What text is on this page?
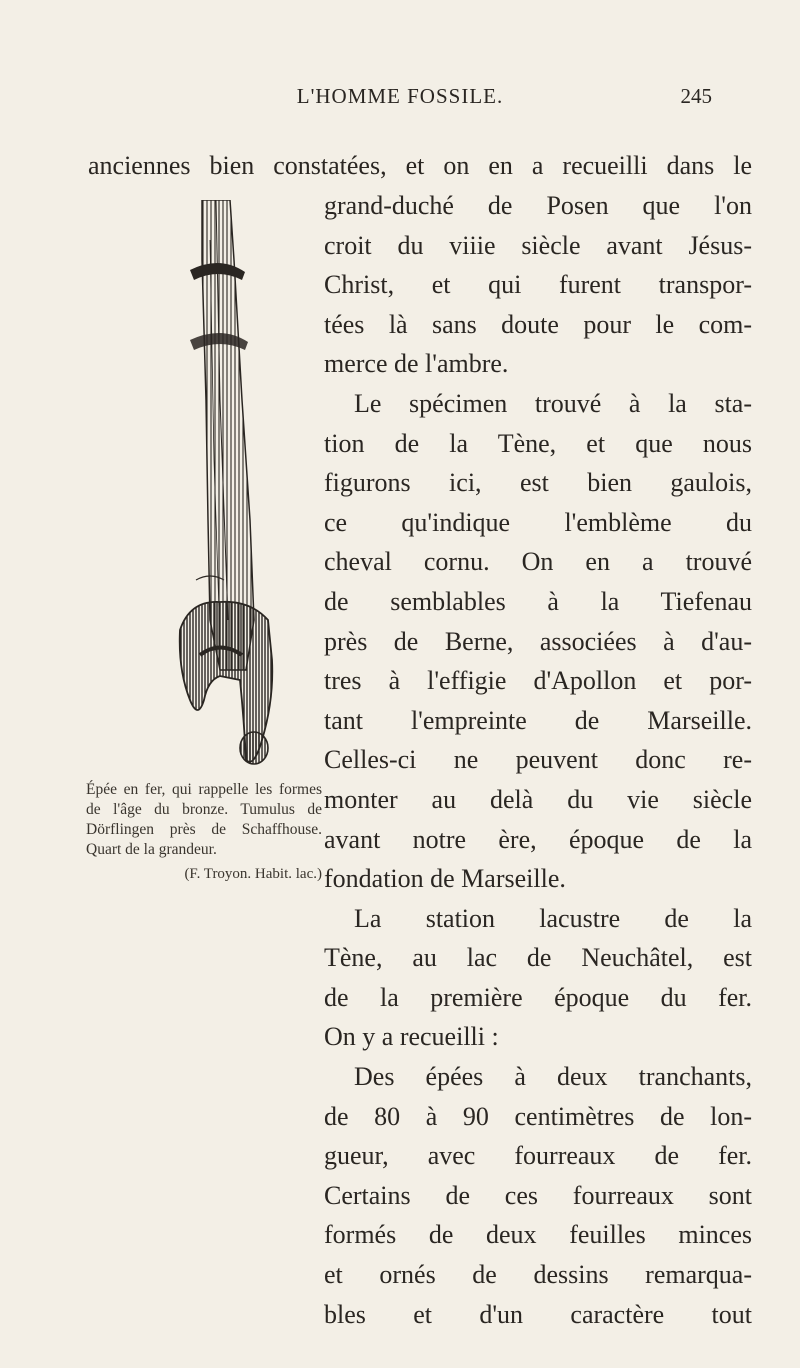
L'HOMME FOSSILE.	245
anciennes bien constatées, et on en a recueilli dans le
Épée en fer, qui rappelle les formes de l'âge du bronze. Tumulus de Dörflingen près de Schaffhouse. Quart de la grandeur.
(F. Troyon. Habit. lac.)
grand-duché de Posen que l'on
croit du viiie siècle avant Jésus-
Christ, et qui furent transpor-
tées là sans doute pour le com-
merce de l'ambre.
Le spécimen trouvé à la sta-
tion de la Tène, et que nous
figurons ici, est bien gaulois,
ce qu'indique l'emblème du
cheval cornu. On en a trouvé
de semblables à la Tiefenau
près de Berne, associées à d'au-
tres à l'effigie d'Apollon et por-
tant l'empreinte de Marseille.
Celles-ci ne peuvent donc re-
monter au delà du vie siècle
avant notre ère, époque de la
fondation de Marseille.
La station lacustre de la
Tène, au lac de Neuchâtel, est
de la première époque du fer.
On y a recueilli :
Des épées à deux tranchants,
de 80 à 90 centimètres de lon-
gueur, avec fourreaux de fer.
Certains de ces fourreaux sont
formés de deux feuilles minces
et ornés de dessins remarqua-
bles et d'un caractère tout
